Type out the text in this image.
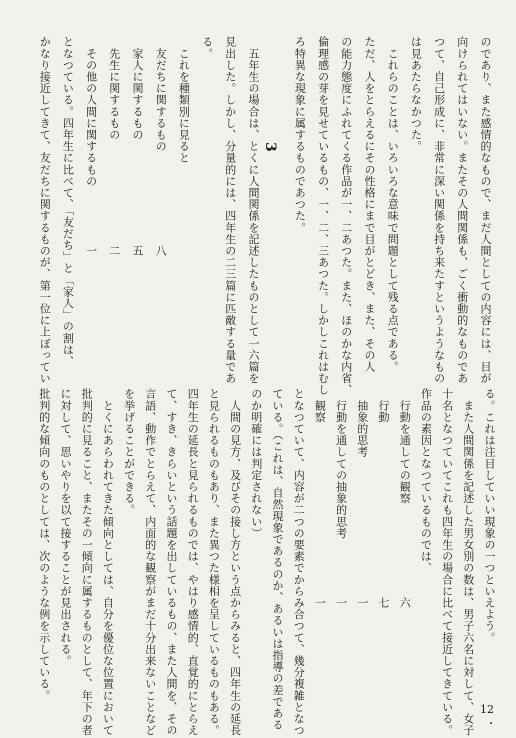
のであり、また感情的なもので、まだ人間としての内容には、目が
向けられてはいない。またその人間関係も、ごく衝動的なものであ
つて、自己形成に、非常に深い関係を持ち来たすというようなもの
は見あたらなかつた。
　これらのことは、いろいろな意味で問題として残る点である。
ただ、人をとらえるにその性格にまで目がとどき、また、その人
の能力態度にふれてくる作品が一、二あつた。また、ほのかな内省、
倫理感の芽を見せているもの、一、二、三あつた。しかしこれはむし
ろ特異な現象に属するものであつた。
　五年生の場合は、とくに人間関係を記述したものとして一六篇を
見出した。しかし、分量的には、四年生の二三篇に匹敵する量であ
る。
　これを種類別に見ると
　友だちに関するもの　　　　　　　　八
　家人に関するもの　　　　　　　　　五
　先生に関するもの　　　　　　　　　二
　その他の人間に関するもの　　　　　一
となつている。四年生に比べて、「友だち」と「家人」の割は、
かなり接近してきて、友だちに関するものが、第一位に上ぼってい	3
る。これは注目していい現象の一つといえよう。
　また人間関係を記述した男女別の数は、男子六名に対して、女子
十名となつていてこれも四年生の場合に比べて接近してきている。
作品の素因となつているものでは、
　行動を通しての観察　　　　　　　　六
　行動　　　　　　　　　　　　　　　七
　抽象的思考　　　　　　　　　　　　一
　行動を通しての抽象的思考　　　　　一
　観察　　　　　　　　　　　　　　　一
となつていて、内容が二つの要素でからみ合つて、幾分複雑となつ
ている。（これは、自然現象であるのか、あるいは指導の差である
のか明確には判定されない）
　人間の見方、及びその接し方という点からみると、四年生の延長
と見られるものもあり、また異つた様相を呈しているものもある。
四年生の延長と見られるものでは、やはり感情的、直覚的にとらえ
て、すき、きらいという話題を出しているもの、また人間を、その
言語、動作でとらえて、内面的な観察がまだ十分出来ないことなど
を挙げることができる。
　とくにあらわれてきた傾向としては、自分を優位な位置において
批判的に見ること、またその一傾向に属するものとして、年下の者
に対して、思いやりを以て接することが見出される。
批判的な傾向のものとしては、次のような例を示している。
12
・
